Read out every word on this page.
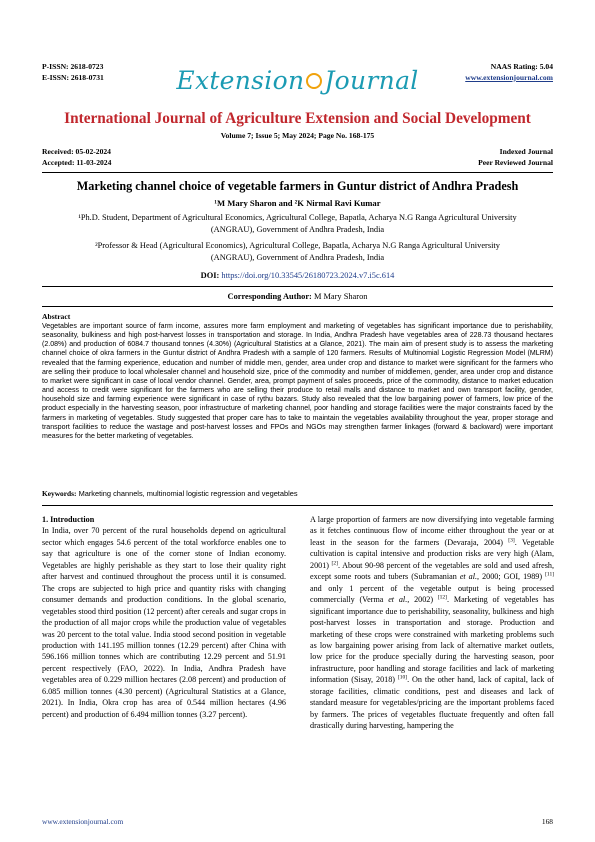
P-ISSN: 2618-0723
E-ISSN: 2618-0731
NAAS Rating: 5.04
www.extensionjournal.com
Extension Journal
International Journal of Agriculture Extension and Social Development
Volume 7; Issue 5; May 2024; Page No. 168-175
Received: 05-02-2024
Accepted: 11-03-2024
Indexed Journal
Peer Reviewed Journal
Marketing channel choice of vegetable farmers in Guntur district of Andhra Pradesh
¹M Mary Sharon and ²K Nirmal Ravi Kumar
¹Ph.D. Student, Department of Agricultural Economics, Agricultural College, Bapatla, Acharya N.G Ranga Agricultural University (ANGRAU), Government of Andhra Pradesh, India
²Professor & Head (Agricultural Economics), Agricultural College, Bapatla, Acharya N.G Ranga Agricultural University (ANGRAU), Government of Andhra Pradesh, India
DOI: https://doi.org/10.33545/26180723.2024.v7.i5c.614
Corresponding Author: M Mary Sharon
Abstract
Vegetables are important source of farm income, assures more farm employment and marketing of vegetables has significant importance due to perishability, seasonality, bulkiness and high post-harvest losses in transportation and storage. In India, Andhra Pradesh have vegetables area of 228.73 thousand hectares (2.08%) and production of 6084.7 thousand tonnes (4.30%) (Agricultural Statistics at a Glance, 2021). The main aim of present study is to assess the marketing channel choice of okra farmers in the Guntur district of Andhra Pradesh with a sample of 120 farmers. Results of Multinomial Logistic Regression Model (MLRM) revealed that the farming experience, education and number of middle men, gender, area under crop and distance to market were significant for the farmers who are selling their produce to local wholesaler channel and household size, price of the commodity and number of middlemen, gender, area under crop and distance to market were significant in case of local vendor channel. Gender, area, prompt payment of sales proceeds, price of the commodity, distance to market education and access to credit were significant for the farmers who are selling their produce to retail malls and distance to market and own transport facility, gender, household size and farming experience were significant in case of rythu bazars. Study also revealed that the low bargaining power of farmers, low price of the product especially in the harvesting season, poor infrastructure of marketing channel, poor handling and storage facilities were the major constraints faced by the farmers in marketing of vegetables. Study suggested that proper care has to take to maintain the vegetables availability throughout the year, proper storage and transport facilities to reduce the wastage and post-harvest losses and FPOs and NGOs may strengthen farmer linkages (forward & backward) were important measures for the better marketing of vegetables.
Keywords: Marketing channels, multinomial logistic regression and vegetables
1. Introduction
In India, over 70 percent of the rural households depend on agricultural sector which engages 54.6 percent of the total workforce enables one to say that agriculture is one of the corner stone of Indian economy. Vegetables are highly perishable as they start to lose their quality right after harvest and continued throughout the process until it is consumed. The crops are subjected to high price and quantity risks with changing consumer demands and production conditions. In the global scenario, vegetables stood third position (12 percent) after cereals and sugar crops in the production of all major crops while the production value of vegetables was 20 percent to the total value. India stood second position in vegetable production with 141.195 million tonnes (12.29 percent) after China with 596.166 million tonnes which are contributing 12.29 percent and 51.91 percent respectively (FAO, 2022). In India, Andhra Pradesh have vegetables area of 0.229 million hectares (2.08 percent) and production of 6.085 million tonnes (4.30 percent) (Agricultural Statistics at a Glance, 2021). In India, Okra crop has area of 0.544 million hectares (4.96 percent) and production of 6.494 million tonnes (3.27 percent).
A large proportion of farmers are now diversifying into vegetable farming as it fetches continuous flow of income either throughout the year or at least in the season for the farmers (Devaraja, 2004) [3]. Vegetable cultivation is capital intensive and production risks are very high (Alam, 2001) [2]. About 90-98 percent of the vegetables are sold and used afresh, except some roots and tubers (Subramanian et al., 2000; GOI, 1989) [11] and only 1 percent of the vegetable output is being processed commercially (Verma et al., 2002) [12]. Marketing of vegetables has significant importance due to perishability, seasonality, bulkiness and high post-harvest losses in transportation and storage. Production and marketing of these crops were constrained with marketing problems such as low bargaining power arising from lack of alternative market outlets, low price for the produce specially during the harvesting season, poor infrastructure, poor handling and storage facilities and lack of marketing information (Sisay, 2018) [10]. On the other hand, lack of capital, lack of storage facilities, climatic conditions, pest and diseases and lack of standard measure for vegetables/pricing are the important problems faced by farmers. The prices of vegetables fluctuate frequently and often fall drastically during harvesting, hampering the
www.extensionjournal.com	168
